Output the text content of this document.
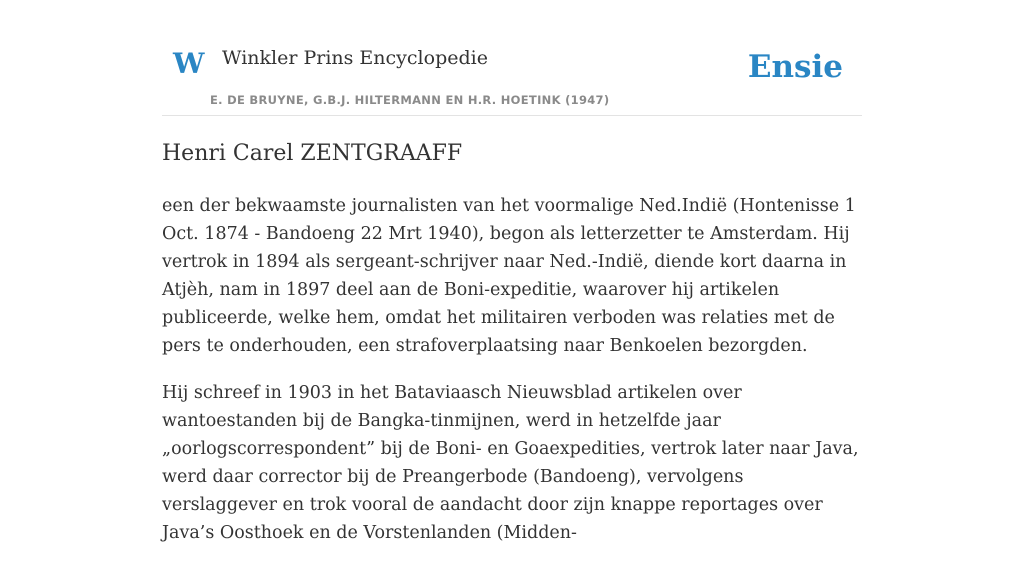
W Winkler Prins Encyclopedie
E. DE BRUYNE, G.B.J. HILTERMANN EN H.R. HOETINK (1947)
Ensie
Henri Carel ZENTGRAAFF

een der bekwaamste journalisten van het voormalige Ned.Indië (Hontenisse 1 Oct. 1874 - Bandoeng 22 Mrt 1940), begon als letterzetter te Amsterdam. Hij vertrok in 1894 als sergeant-schrijver naar Ned.-Indië, diende kort daarna in Atjèh, nam in 1897 deel aan de Boni-expeditie, waarover hij artikelen publiceerde, welke hem, omdat het militairen verboden was relaties met de pers te onderhouden, een strafoverplaatsing naar Benkoelen bezorgden.

Hij schreef in 1903 in het Bataviaasch Nieuwsblad artikelen over wantoestanden bij de Bangka-tinmijnen, werd in hetzelfde jaar „oorlogscorrespondent” bij de Boni- en Goaexpedities, vertrok later naar Java, werd daar corrector bij de Preangerbode (Bandoeng), vervolgens verslaggever en trok vooral de aandacht door zijn knappe reportages over Java’s Oosthoek en de Vorstenlanden (Midden-
